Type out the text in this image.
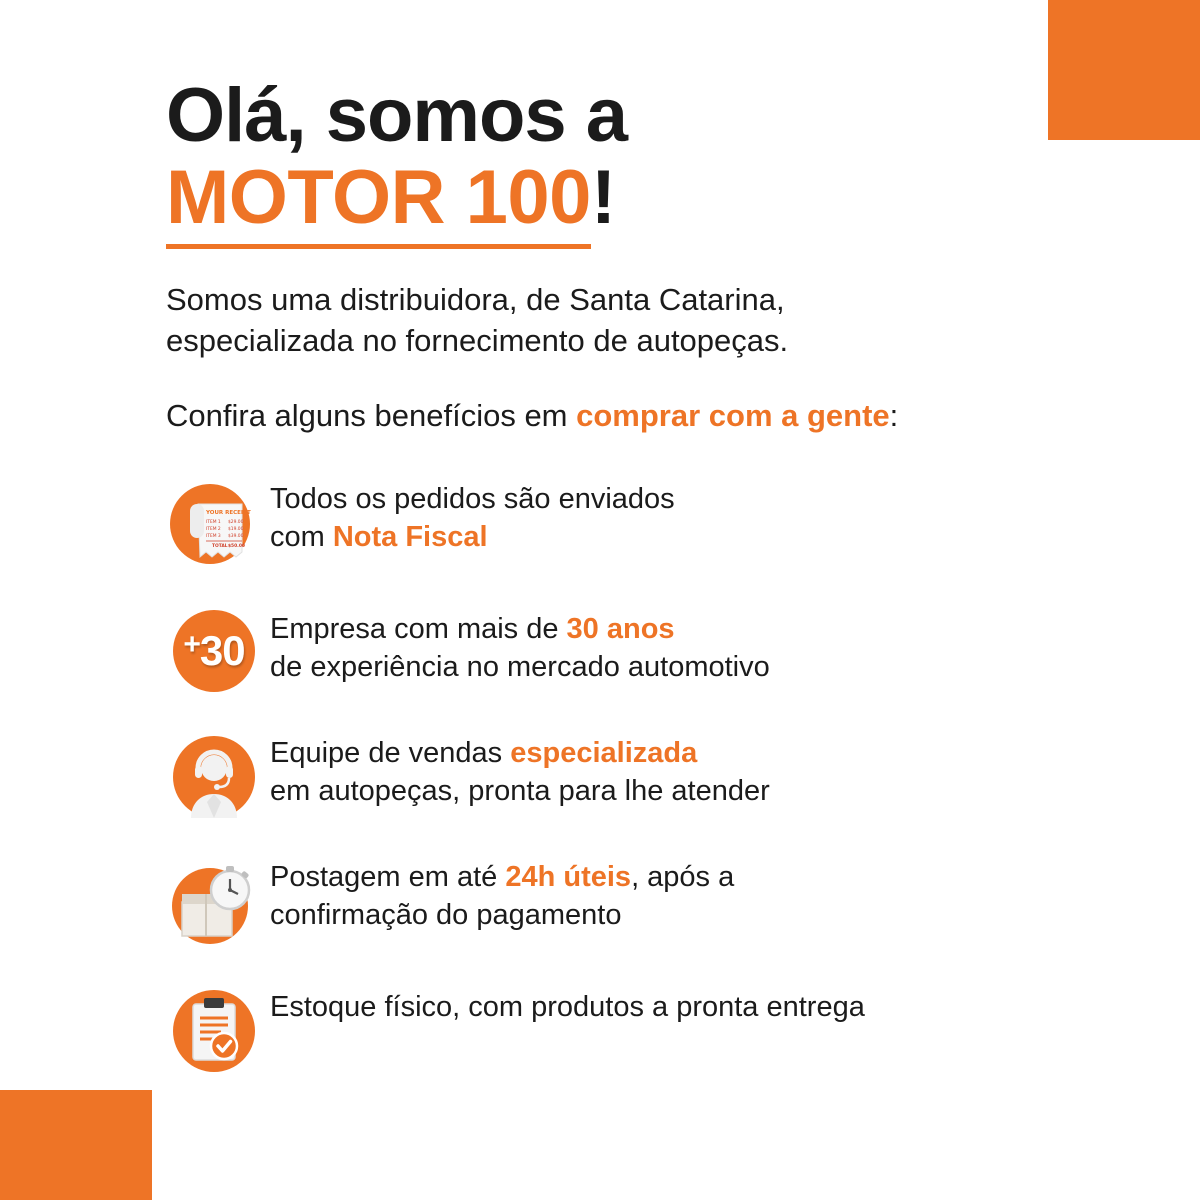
Olá, somos a
MOTOR 100!
Somos uma distribuidora, de Santa Catarina,
especializada no fornecimento de autopeças.
Confira alguns benefícios em comprar com a gente:
YOUR RECEIPT
ITEM 1 $29.00
ITEM 2 $19.00
ITEM 3 $39.00
TOTAL $50.00
Todos os pedidos são enviados
com Nota Fiscal
+30 Empresa com mais de 30 anos
de experiência no mercado automotivo
Equipe de vendas especializada
em autopeças, pronta para lhe atender
Postagem em até 24h úteis, após a
confirmação do pagamento
Estoque físico, com produtos a pronta entrega
